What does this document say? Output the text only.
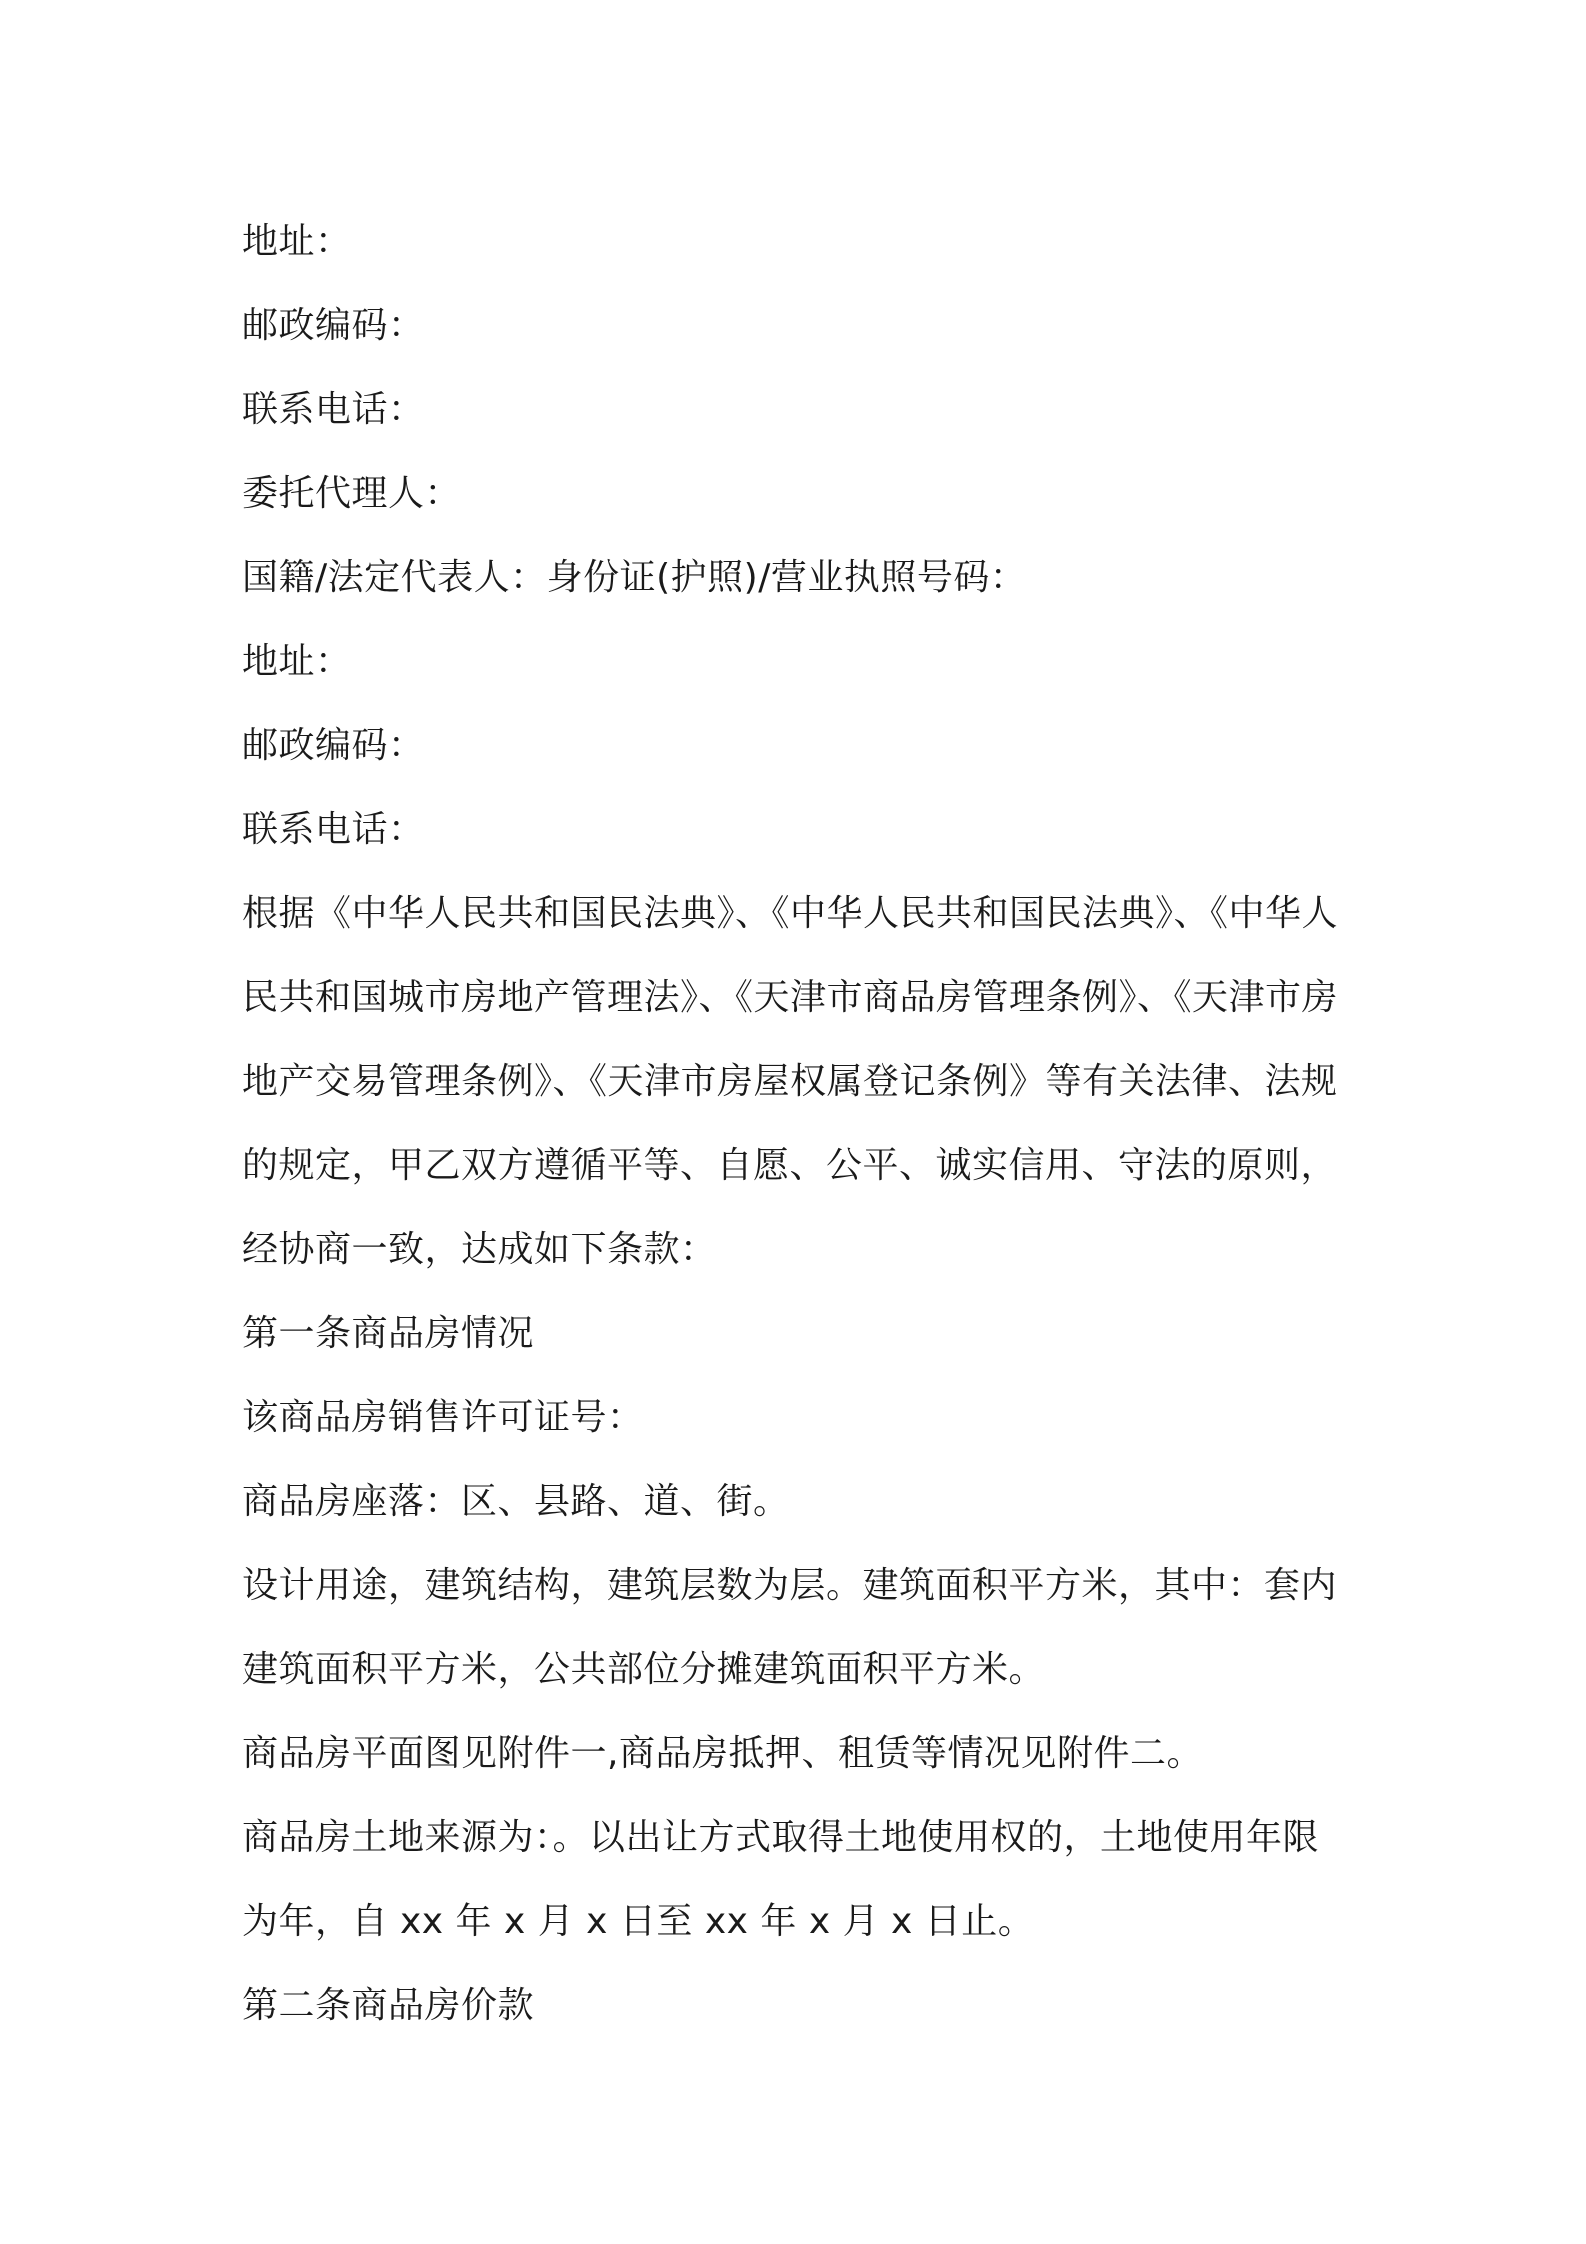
地址：
邮政编码：
联系电话：
委托代理人：
国籍/法定代表人：身份证(护照)/营业执照号码：
地址：
邮政编码：
联系电话：
根据《中华人民共和国民法典》、《中华人民共和国民法典》、《中华人
民共和国城市房地产管理法》、《天津市商品房管理条例》、《天津市房
地产交易管理条例》、《天津市房屋权属登记条例》等有关法律、法规
的规定，甲乙双方遵循平等、自愿、公平、诚实信用、守法的原则，
经协商一致，达成如下条款：
第一条商品房情况
该商品房销售许可证号：
商品房座落：区、县路、道、街。
设计用途，建筑结构，建筑层数为层。建筑面积平方米，其中：套内
建筑面积平方米，公共部位分摊建筑面积平方米。
商品房平面图见附件一,商品房抵押、租赁等情况见附件二。
商品房土地来源为：。以出让方式取得土地使用权的，土地使用年限
为年，自 xx 年 x 月 x 日至 xx 年 x 月 x 日止。
第二条商品房价款
